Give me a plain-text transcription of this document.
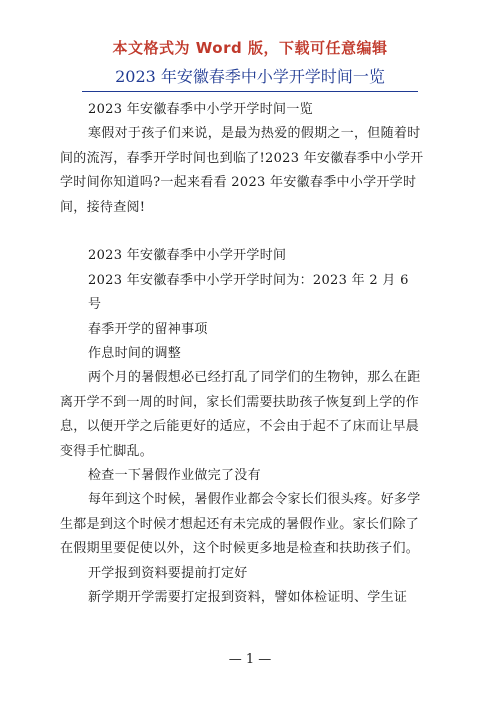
本文格式为 Word 版，下载可任意编辑
2023 年安徽春季中小学开学时间一览

2023 年安徽春季中小学开学时间一览

寒假对于孩子们来说，是最为热爱的假期之一，但随着时间的流泻，春季开学时间也到临了!2023 年安徽春季中小学开学时间你知道吗?一起来看看 2023 年安徽春季中小学开学时间，接待查阅!

2023 年安徽春季中小学开学时间

2023 年安徽春季中小学开学时间为：2023 年 2 月 6 号

春季开学的留神事项

作息时间的调整

两个月的暑假想必已经打乱了同学们的生物钟，那么在距离开学不到一周的时间，家长们需要扶助孩子恢复到上学的作息，以便开学之后能更好的适应，不会由于起不了床而让早晨变得手忙脚乱。

检查一下暑假作业做完了没有

每年到这个时候，暑假作业都会令家长们很头疼。好多学生都是到这个时候才想起还有未完成的暑假作业。家长们除了在假期里要促使以外，这个时候更多地是检查和扶助孩子们。

开学报到资料要提前打定好

新学期开学需要打定报到资料，譬如体检证明、学生证

— 1 —
